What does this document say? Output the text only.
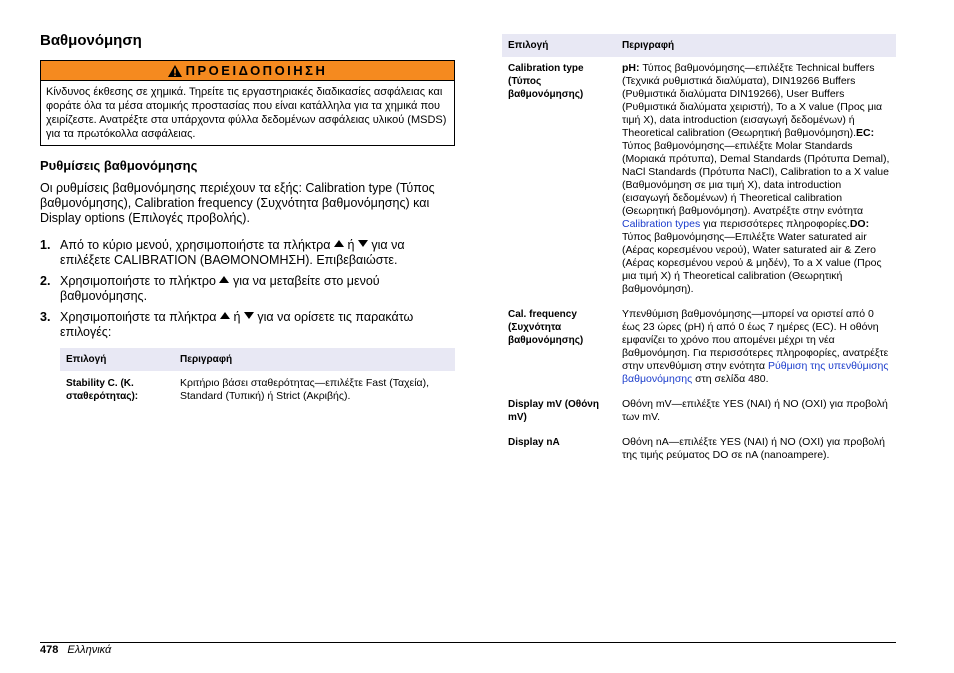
Βαθμονόμηση
ΠΡΟΕΙΔΟΠΟΙΗΣΗ
Κίνδυνος έκθεσης σε χημικά. Τηρείτε τις εργαστηριακές διαδικασίες ασφάλειας και φοράτε όλα τα μέσα ατομικής προστασίας που είναι κατάλληλα για τα χημικά που χειρίζεστε. Ανατρέξτε στα υπάρχοντα φύλλα δεδομένων ασφάλειας υλικού (MSDS) για τα πρωτόκολλα ασφάλειας.
Ρυθμίσεις βαθμονόμησης

Οι ρυθμίσεις βαθμονόμησης περιέχουν τα εξής: Calibration type (Τύπος βαθμονόμησης), Calibration frequency (Συχνότητα βαθμονόμησης) και Display options (Επιλογές προβολής).

1. Από το κύριο μενού, χρησιμοποιήστε τα πλήκτρα ή για να επιλέξετε CALIBRATION (ΒΑΘΜΟΝΟΜΗΣΗ). Επιβεβαιώστε.
2. Χρησιμοποιήστε το πλήκτρο για να μεταβείτε στο μενού βαθμονόμησης.
3. Χρησιμοποιήστε τα πλήκτρα ή για να ορίσετε τις παρακάτω επιλογές:
Επιλογή	Περιγραφή
Stability C. (K. σταθερότητας):	Κριτήριο βάσει σταθερότητας—επιλέξτε Fast (Ταχεία), Standard (Τυπική) ή Strict (Ακριβής).
Επιλογή	Περιγραφή
Calibration type (Τύπος βαθμονόμησης)	pH: Τύπος βαθμονόμησης—επιλέξτε Technical buffers (Τεχνικά ρυθμιστικά διαλύματα), DIN19266 Buffers (Ρυθμιστικά διαλύματα DIN19266), User Buffers (Ρυθμιστικά διαλύματα χειριστή), To a X value (Προς μια τιμή X), data introduction (εισαγωγή δεδομένων) ή Theoretical calibration (Θεωρητική βαθμονόμηση).EC: Τύπος βαθμονόμησης—επιλέξτε Molar Standards (Μοριακά πρότυπα), Demal Standards (Πρότυπα Demal), NaCl Standards (Πρότυπα NaCl), Calibration to a X value (Βαθμονόμηση σε μια τιμή X), data introduction (εισαγωγή δεδομένων) ή Theoretical calibration (Θεωρητική βαθμονόμηση). Ανατρέξτε στην ενότητα Calibration types για περισσότερες πληροφορίες.DO: Τύπος βαθμονόμησης—Επιλέξτε Water saturated air (Αέρας κορεσμένου νερού), Water saturated air & Zero (Αέρας κορεσμένου νερού & μηδέν), To a X value (Προς μια τιμή X) ή Theoretical calibration (Θεωρητική βαθμονόμηση).
Cal. frequency (Συχνότητα βαθμονόμησης)	Υπενθύμιση βαθμονόμησης—μπορεί να οριστεί από 0 έως 23 ώρες (pH) ή από 0 έως 7 ημέρες (EC). Η οθόνη εμφανίζει το χρόνο που απομένει μέχρι τη νέα βαθμονόμηση. Για περισσότερες πληροφορίες, ανατρέξτε στην υπενθύμιση στην ενότητα Ρύθμιση της υπενθύμισης βαθμονόμησης στη σελίδα 480.
Display mV (Οθόνη mV)	Οθόνη mV—επιλέξτε YES (ΝΑΙ) ή NO (ΟΧΙ) για προβολή των mV.
Display nA	Οθόνη nA—επιλέξτε YES (ΝΑΙ) ή NO (ΟΧΙ) για προβολή της τιμής ρεύματος DO σε nA (nanoampere).
478 Ελληνικά
